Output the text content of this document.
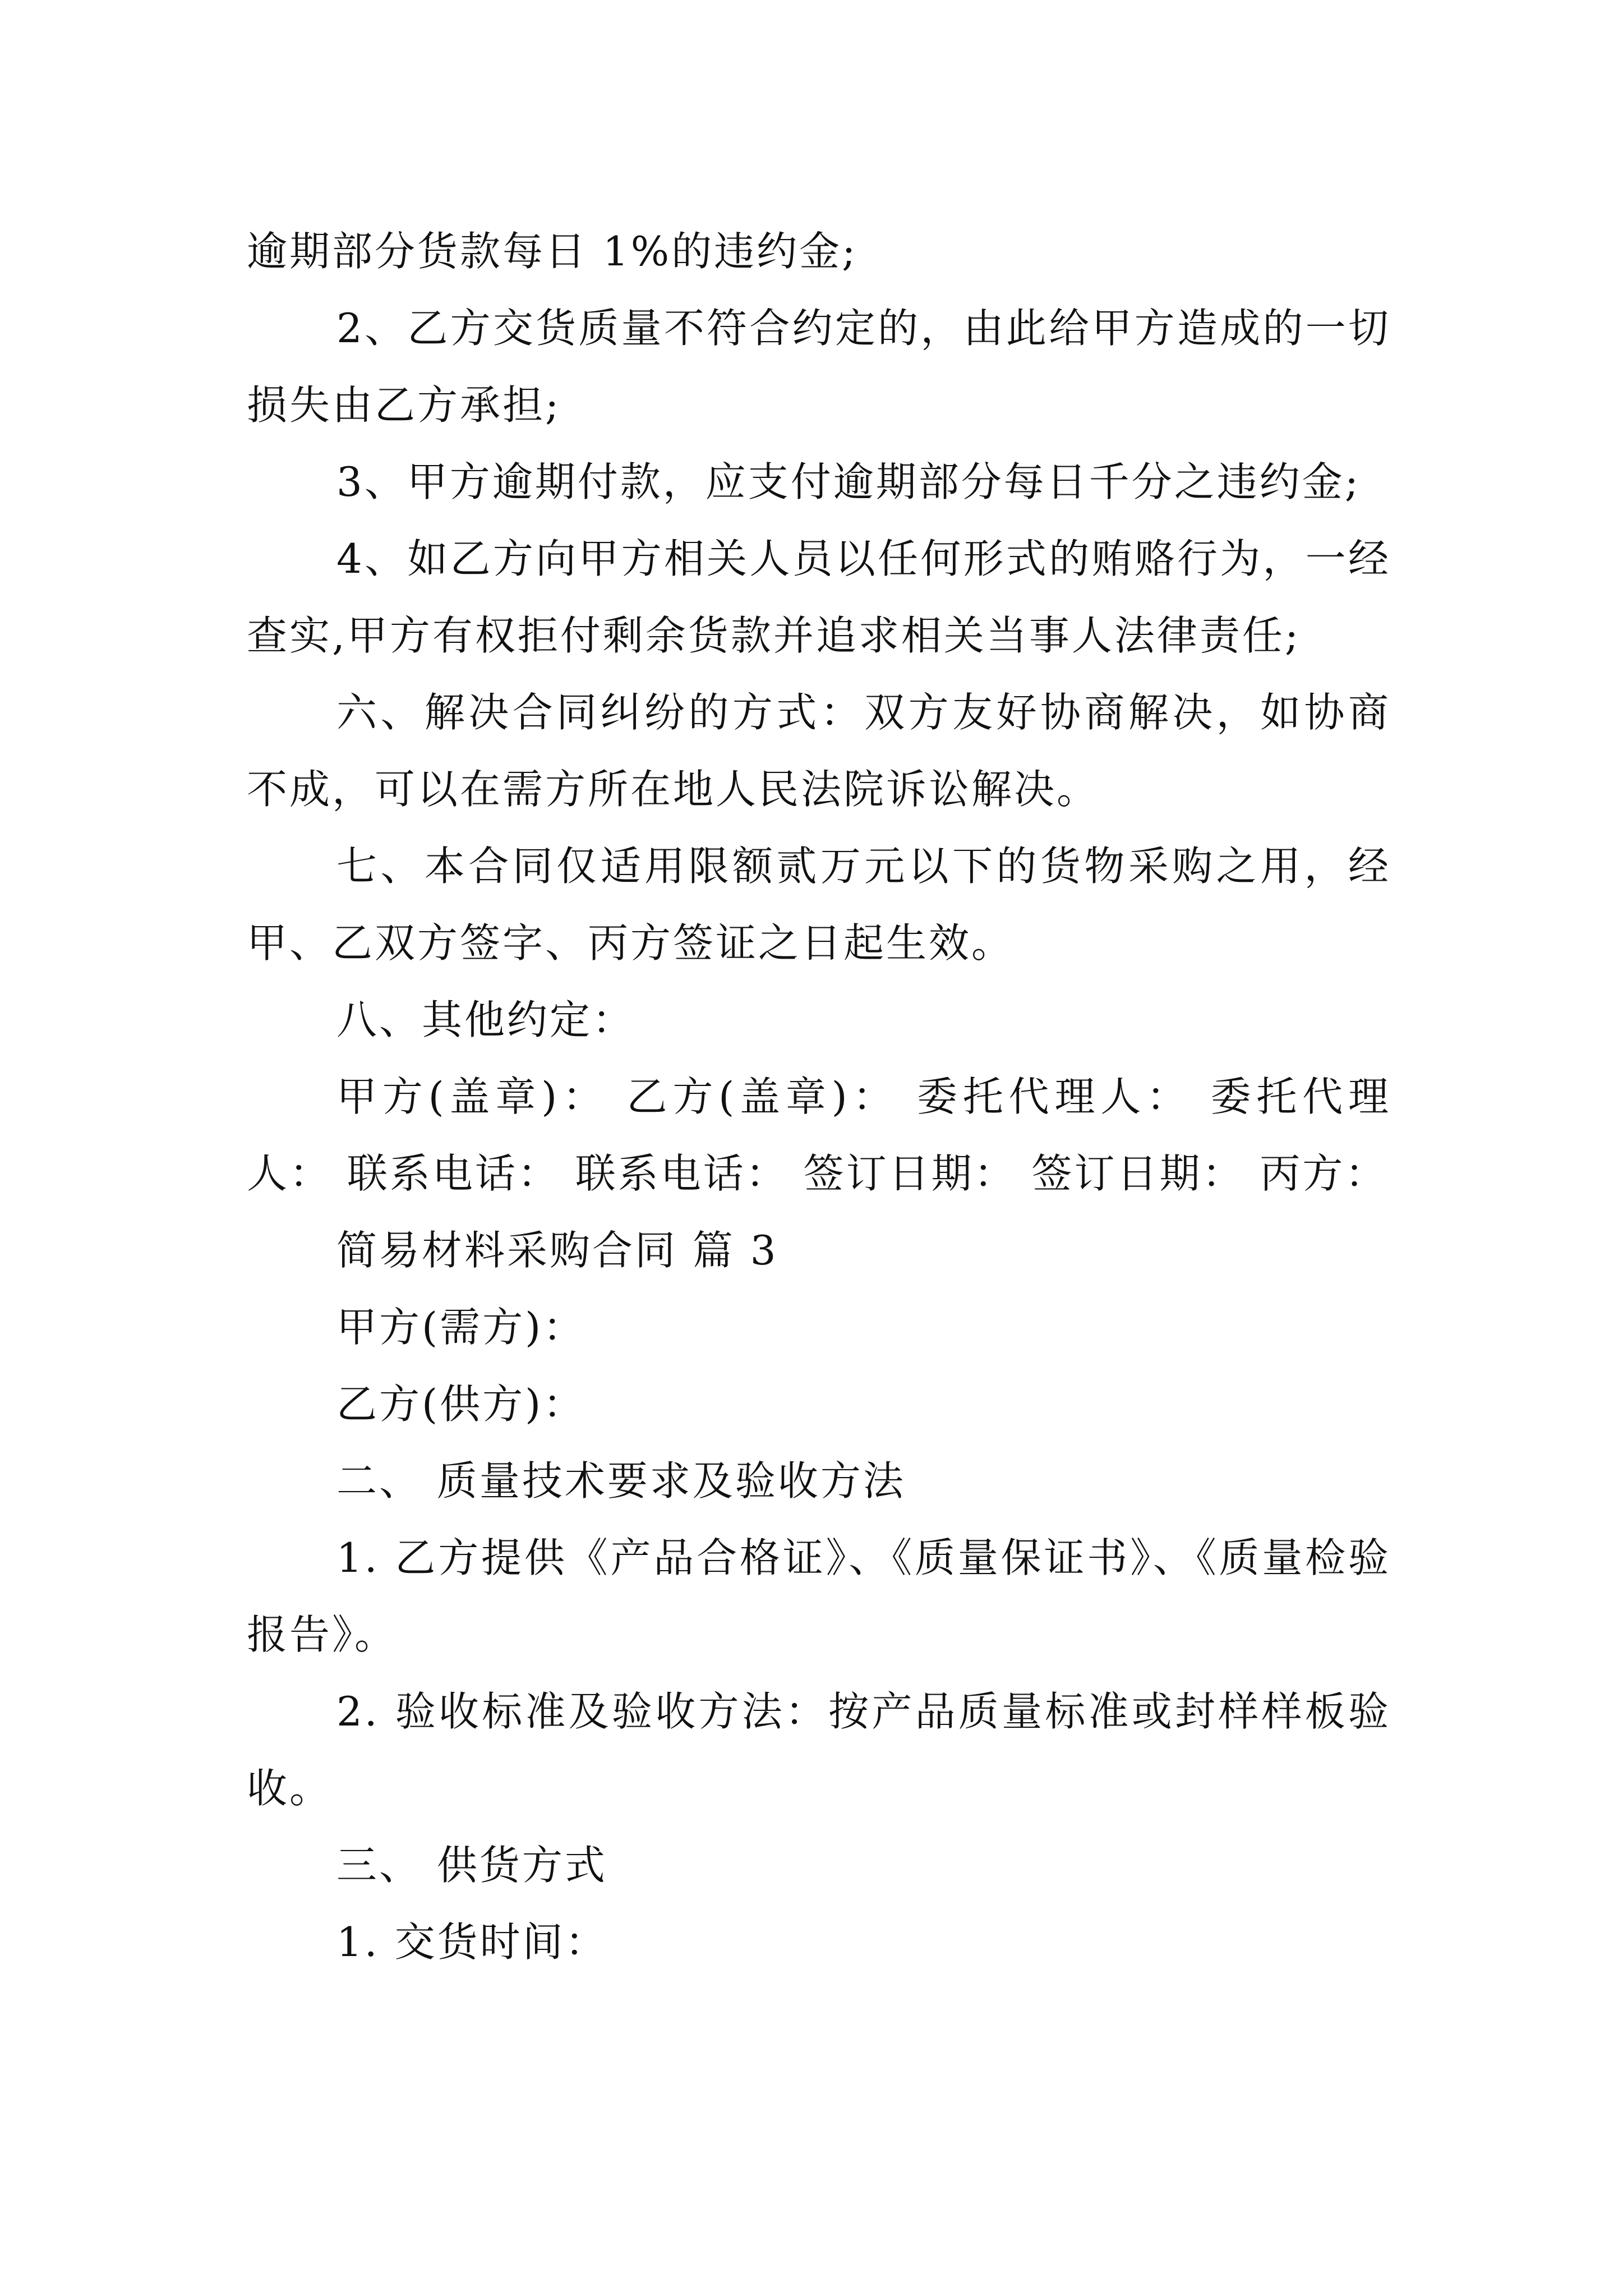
逾期部分货款每日 1%的违约金;

2、乙方交货质量不符合约定的，由此给甲方造成的一切损失由乙方承担;

3、甲方逾期付款，应支付逾期部分每日千分之违约金;

4、如乙方向甲方相关人员以任何形式的贿赂行为，一经查实,甲方有权拒付剩余货款并追求相关当事人法律责任;

六、解决合同纠纷的方式：双方友好协商解决，如协商不成，可以在需方所在地人民法院诉讼解决。

七、本合同仅适用限额贰万元以下的货物采购之用，经甲、乙双方签字、丙方签证之日起生效。

八、其他约定：

甲方(盖章)： 乙方(盖章)： 委托代理人： 委托代理人： 联系电话： 联系电话： 签订日期： 签订日期： 丙方：

简易材料采购合同 篇 3

甲方(需方)：

乙方(供方)：

二、 质量技术要求及验收方法

1. 乙方提供《产品合格证》、《质量保证书》、《质量检验报告》。

2. 验收标准及验收方法：按产品质量标准或封样样板验收。

三、 供货方式

1. 交货时间：
